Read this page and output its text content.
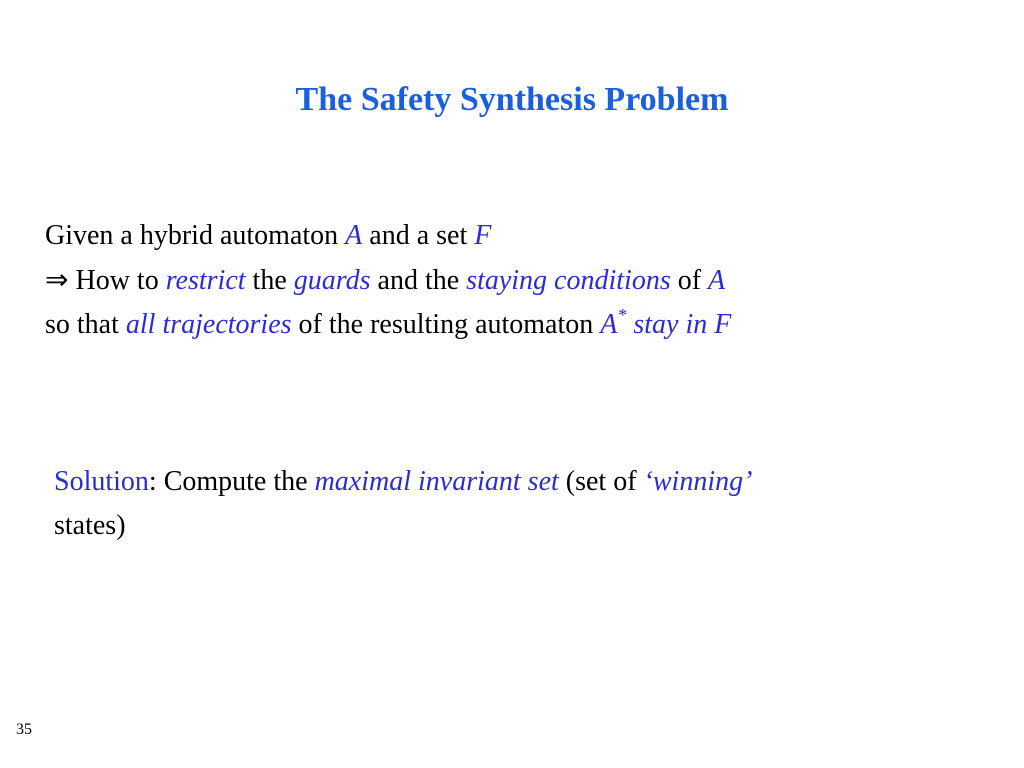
The Safety Synthesis Problem
Given a hybrid automaton A and a set F
⇒ How to restrict the guards and the staying conditions of A
so that all trajectories of the resulting automaton A* stay in F
Solution: Compute the maximal invariant set (set of ‘winning’
states)
35
